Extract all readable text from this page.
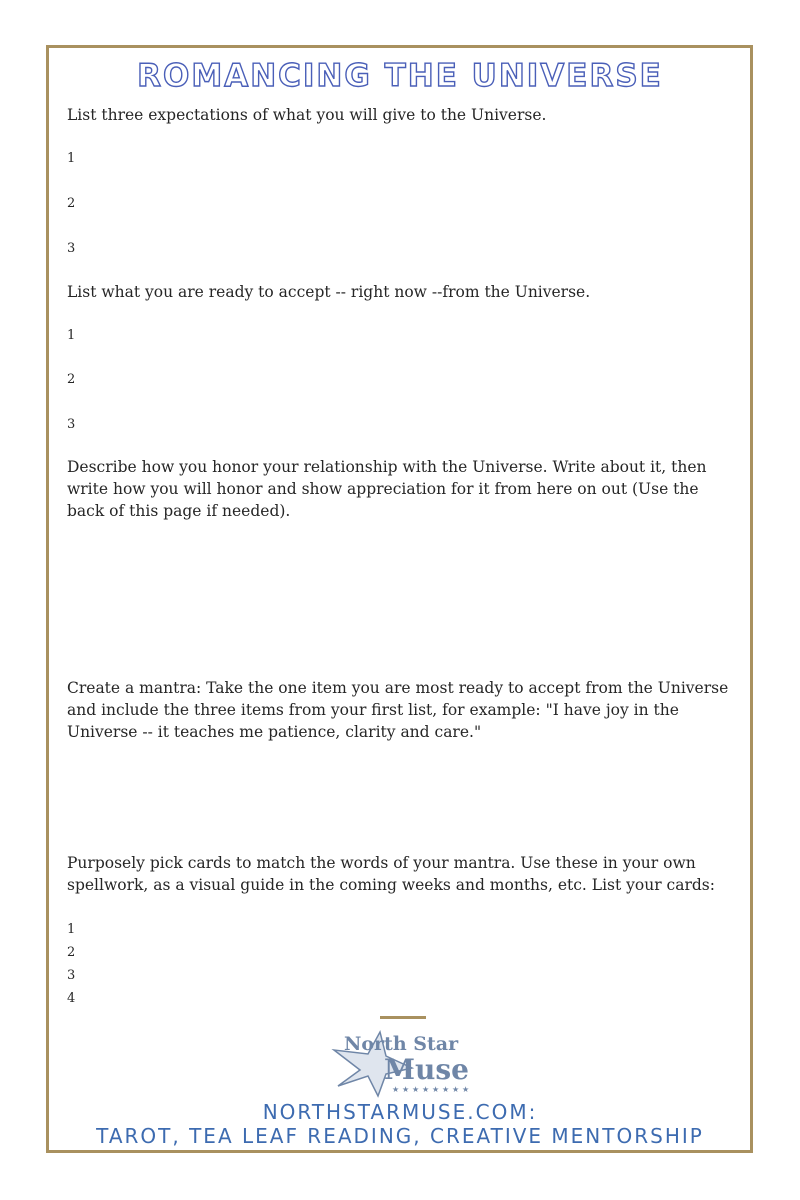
ROMANCING THE UNIVERSE
List three expectations of what you will give to the Universe.
1
2
3
List what you are ready to accept -- right now --from the Universe.
1
2
3
Describe how you honor your relationship with the Universe. Write about it, then write how you will honor and show appreciation for it from here on out (Use the back of this page if needed).
Create a mantra: Take the one item you are most ready to accept from the Universe and include the three items from your first list, for example: "I have joy in the Universe -- it teaches me patience, clarity and care."
Purposely pick cards to match the words of your mantra. Use these in your own spellwork, as a visual guide in the coming weeks and months, etc. List your cards:
1
2
3
4
North Star
Muse
★ ★ ★ ★ ★ ★ ★ ★
NORTHSTARMUSE.COM:
TAROT, TEA LEAF READING, CREATIVE MENTORSHIP
